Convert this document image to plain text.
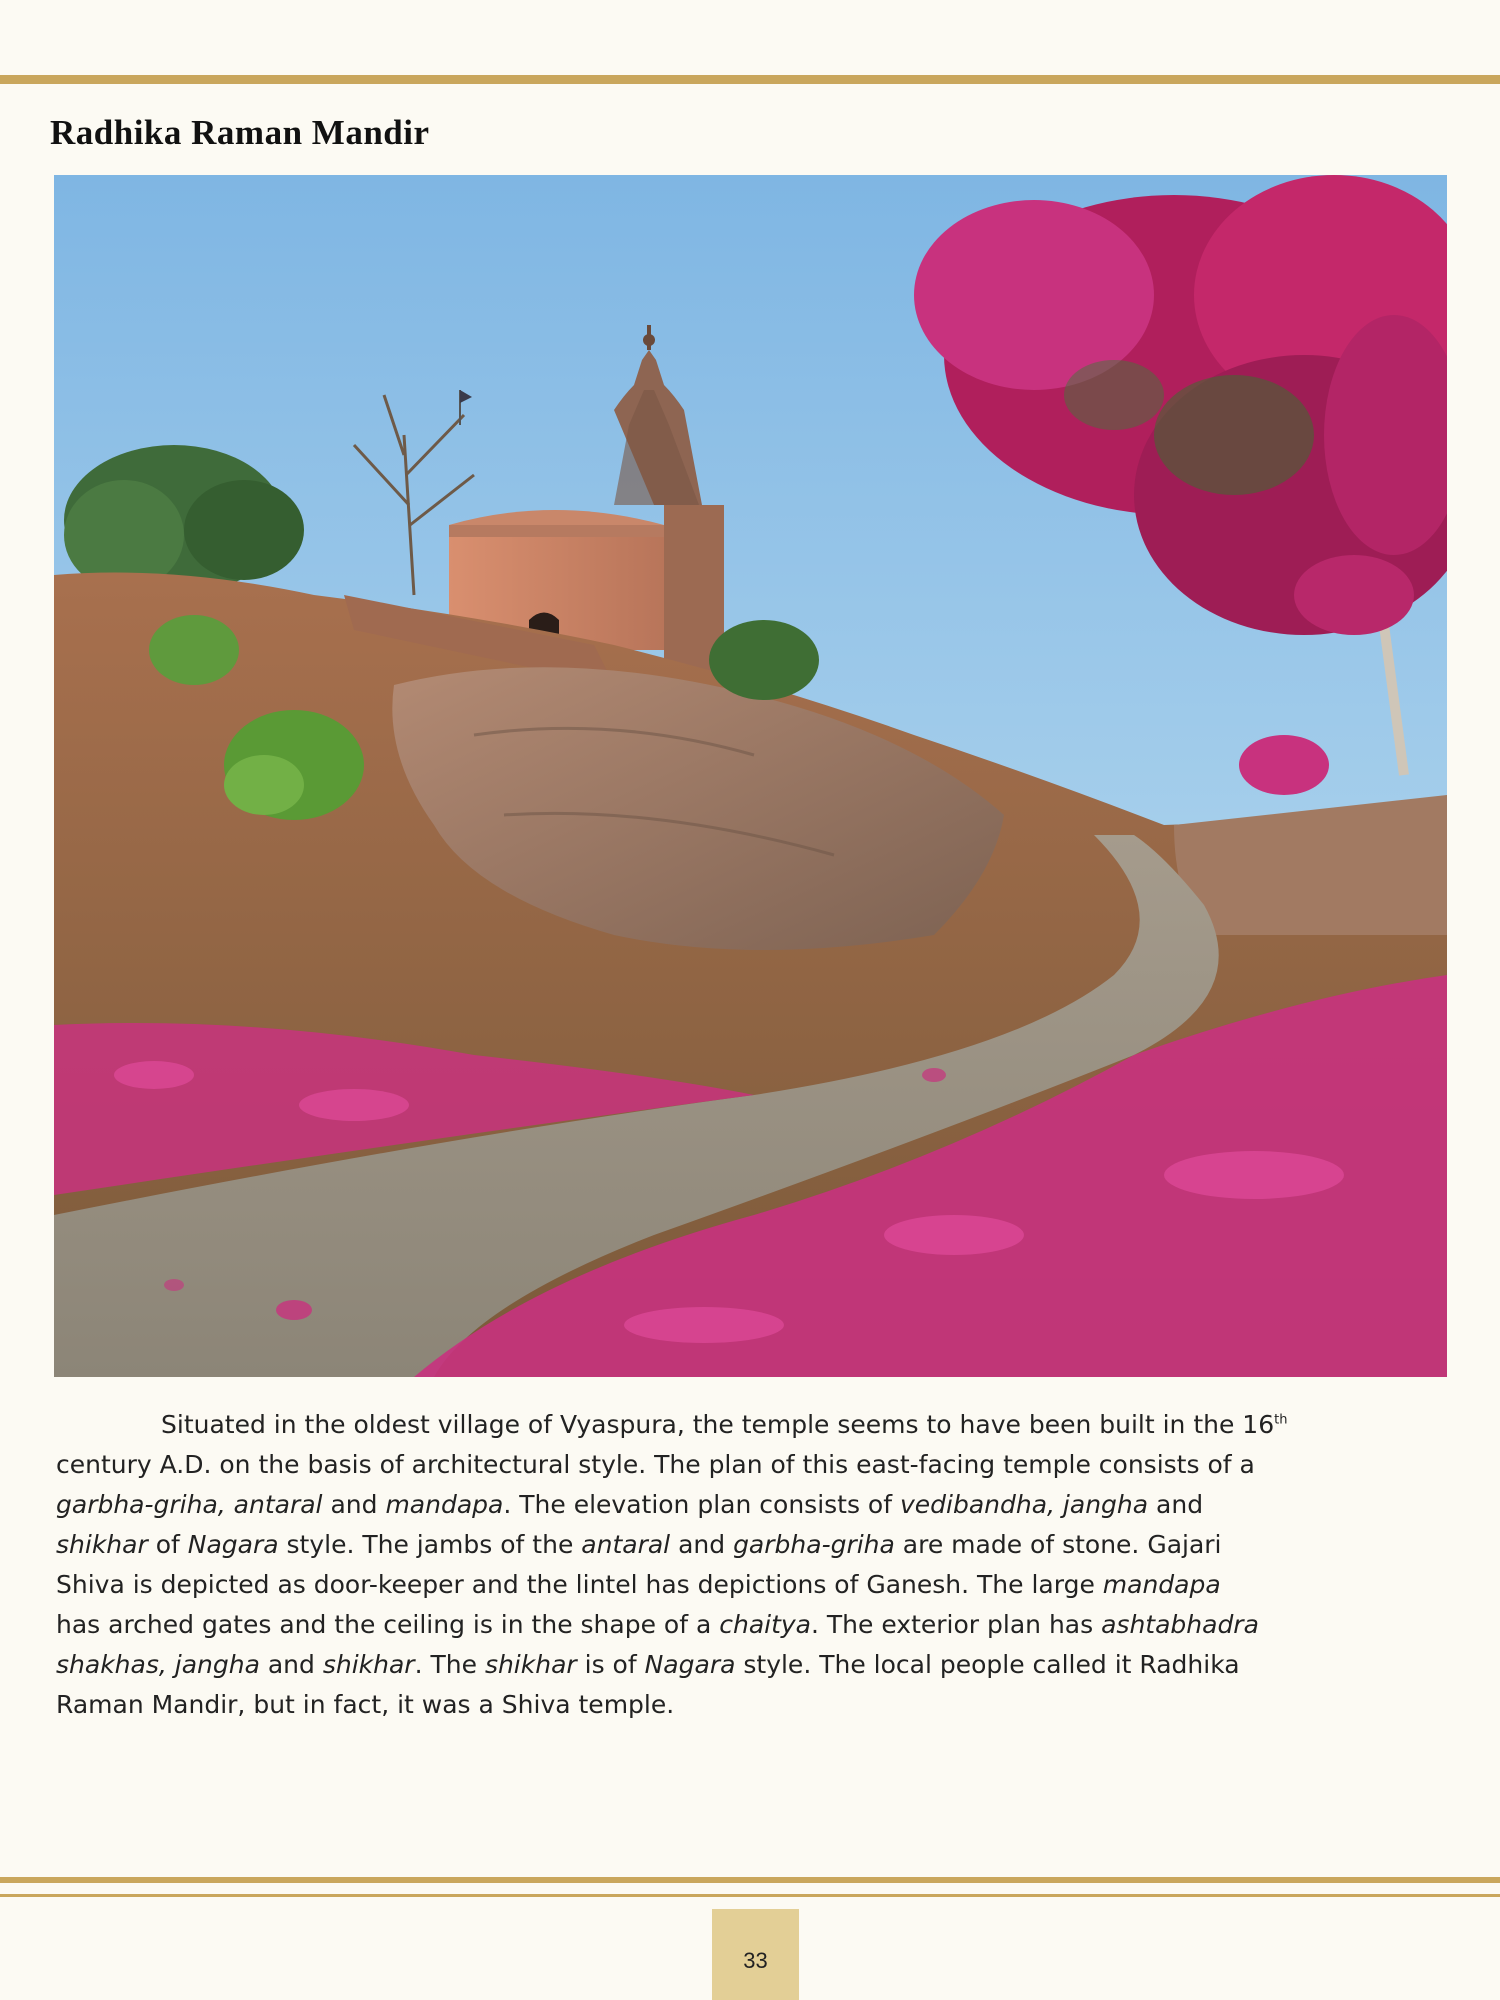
Radhika Raman Mandir

Situated in the oldest village of Vyaspura, the temple seems to have been built in the 16th
century A.D. on the basis of architectural style. The plan of this east-facing temple consists of a
garbha-griha, antaral and mandapa. The elevation plan consists of vedibandha, jangha and
shikhar of Nagara style. The jambs of the antaral and garbha-griha are made of stone. Gajari
Shiva is depicted as door-keeper and the lintel has depictions of Ganesh. The large mandapa
has arched gates and the ceiling is in the shape of a chaitya. The exterior plan has ashtabhadra
shakhas, jangha and shikhar. The shikhar is of Nagara style. The local people called it Radhika
Raman Mandir, but in fact, it was a Shiva temple.

33
